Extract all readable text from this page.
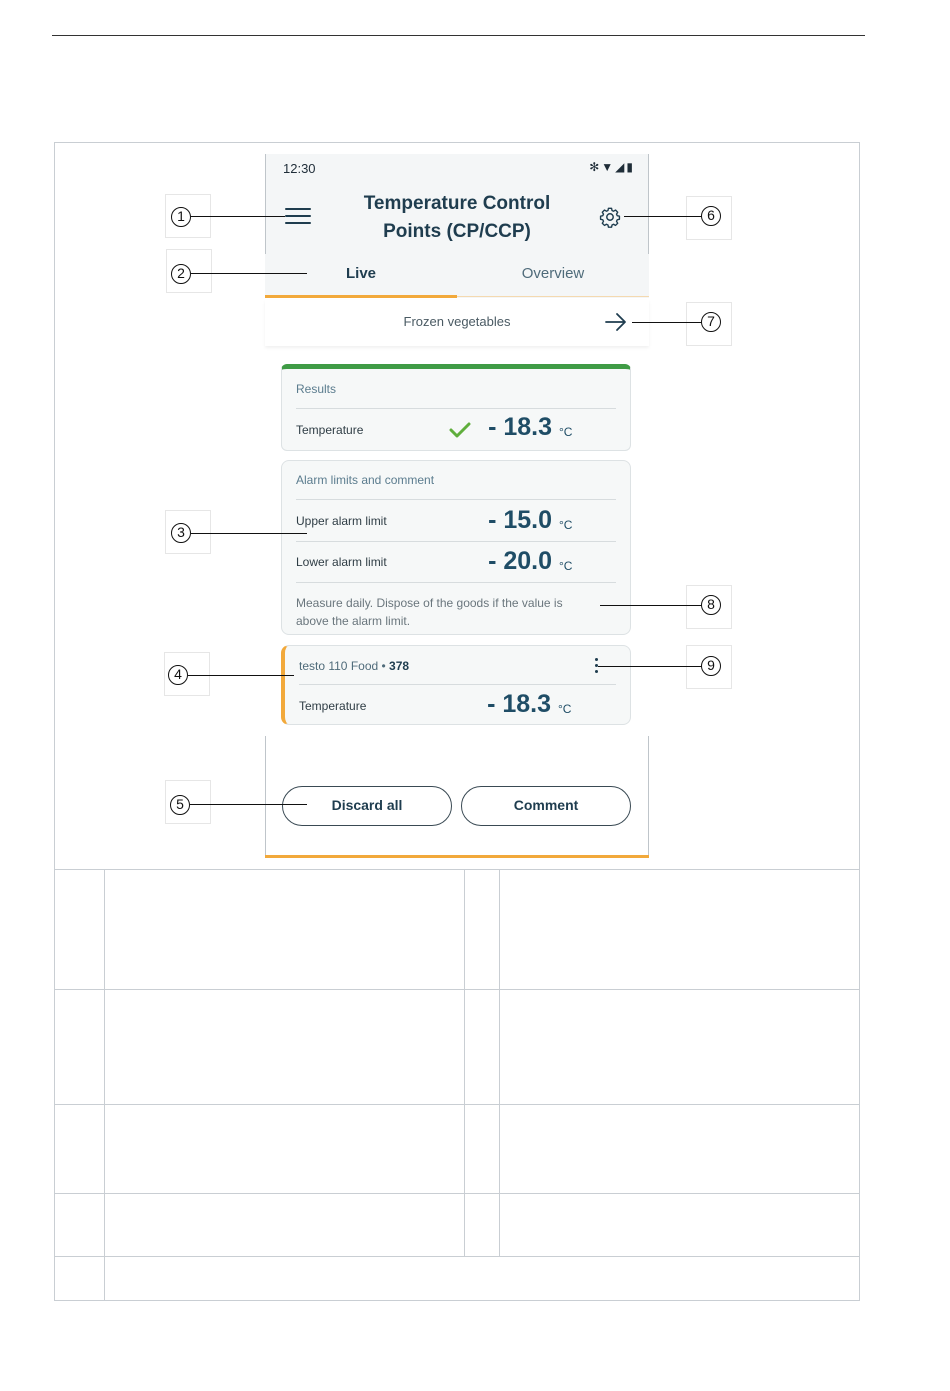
12:30	✻▼◢▮
Temperature Control
Points (CP/CCP)
Live	Overview
Frozen vegetables
Results
Temperature	- 18.3 °C
Alarm limits and comment
Upper alarm limit	- 15.0 °C
Lower alarm limit	- 20.0 °C
Measure daily. Dispose of the goods if the value is above the alarm limit.
testo 110 Food • 378
Temperature	- 18.3 °C
Discard all	Comment
1
2
3
4
5
6
7
8
9
